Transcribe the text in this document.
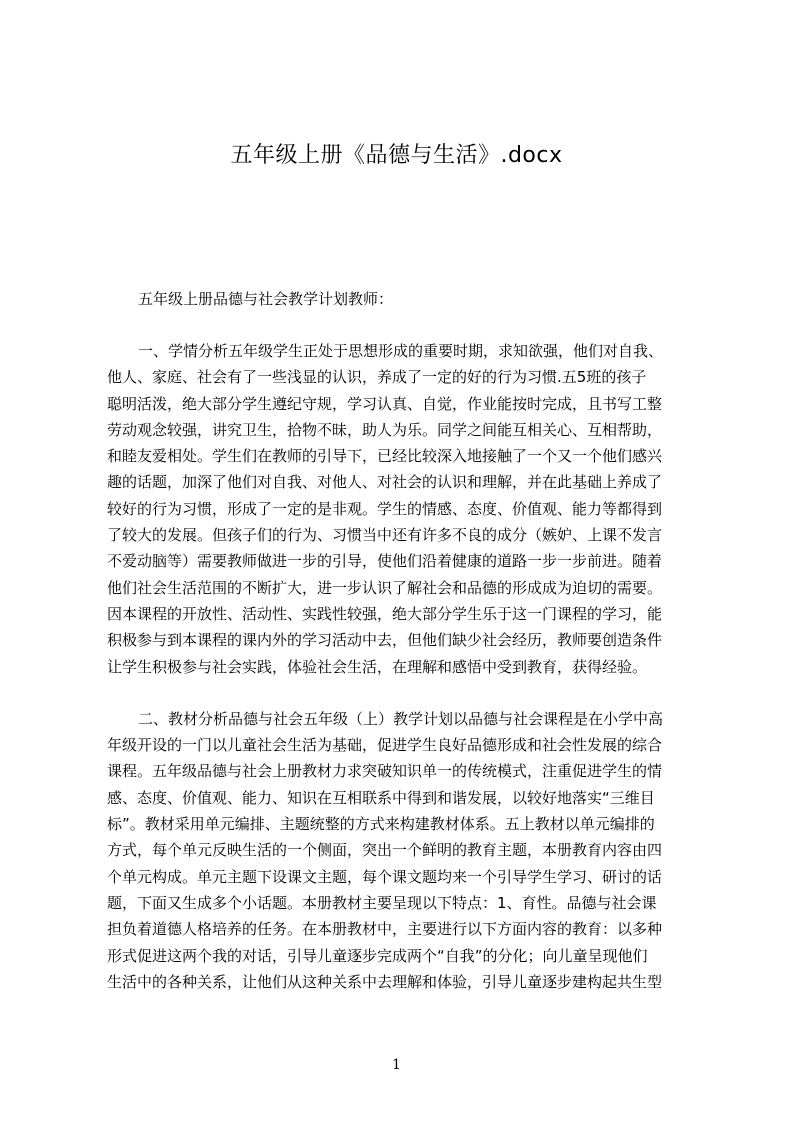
五年级上册《品德与生活》.docx

五年级上册品德与社会教学计划教师：

一、学情分析五年级学生正处于思想形成的重要时期，求知欲强，他们对自我、
他人、家庭、社会有了一些浅显的认识，养成了一定的好的行为习惯.五5班的孩子
聪明活泼，绝大部分学生遵纪守规，学习认真、自觉，作业能按时完成，且书写工整
劳动观念较强，讲究卫生，拾物不昧，助人为乐。同学之间能互相关心、互相帮助，
和睦友爱相处。学生们在教师的引导下，已经比较深入地接触了一个又一个他们感兴
趣的话题，加深了他们对自我、对他人、对社会的认识和理解，并在此基础上养成了
较好的行为习惯，形成了一定的是非观。学生的情感、态度、价值观、能力等都得到
了较大的发展。但孩子们的行为、习惯当中还有许多不良的成分（嫉妒、上课不发言
不爱动脑等）需要教师做进一步的引导，使他们沿着健康的道路一步一步前进。随着
他们社会生活范围的不断扩大，进一步认识了解社会和品德的形成成为迫切的需要。
因本课程的开放性、活动性、实践性较强，绝大部分学生乐于这一门课程的学习，能
积极参与到本课程的课内外的学习活动中去，但他们缺少社会经历，教师要创造条件
让学生积极参与社会实践，体验社会生活，在理解和感悟中受到教育，获得经验。
二、教材分析品德与社会五年级（上）教学计划以品德与社会课程是在小学中高
年级开设的一门以儿童社会生活为基础，促进学生良好品德形成和社会性发展的综合
课程。五年级品德与社会上册教材力求突破知识单一的传统模式，注重促进学生的情
感、态度、价值观、能力、知识在互相联系中得到和谐发展，以较好地落实“三维目
标”。教材采用单元编排、主题统整的方式来构建教材体系。五上教材以单元编排的
方式，每个单元反映生活的一个侧面，突出一个鲜明的教育主题，本册教育内容由四
个单元构成。单元主题下设课文主题，每个课文题均来一个引导学生学习、研讨的话
题，下面又生成多个小话题。本册教材主要呈现以下特点：1、育性。品德与社会课
担负着道德人格培养的任务。在本册教材中，主要进行以下方面内容的教育：以多种
形式促进这两个我的对话，引导儿童逐步完成两个“自我”的分化；向儿童呈现他们
生活中的各种关系，让他们从这种关系中去理解和体验，引导儿童逐步建构起共生型
1
